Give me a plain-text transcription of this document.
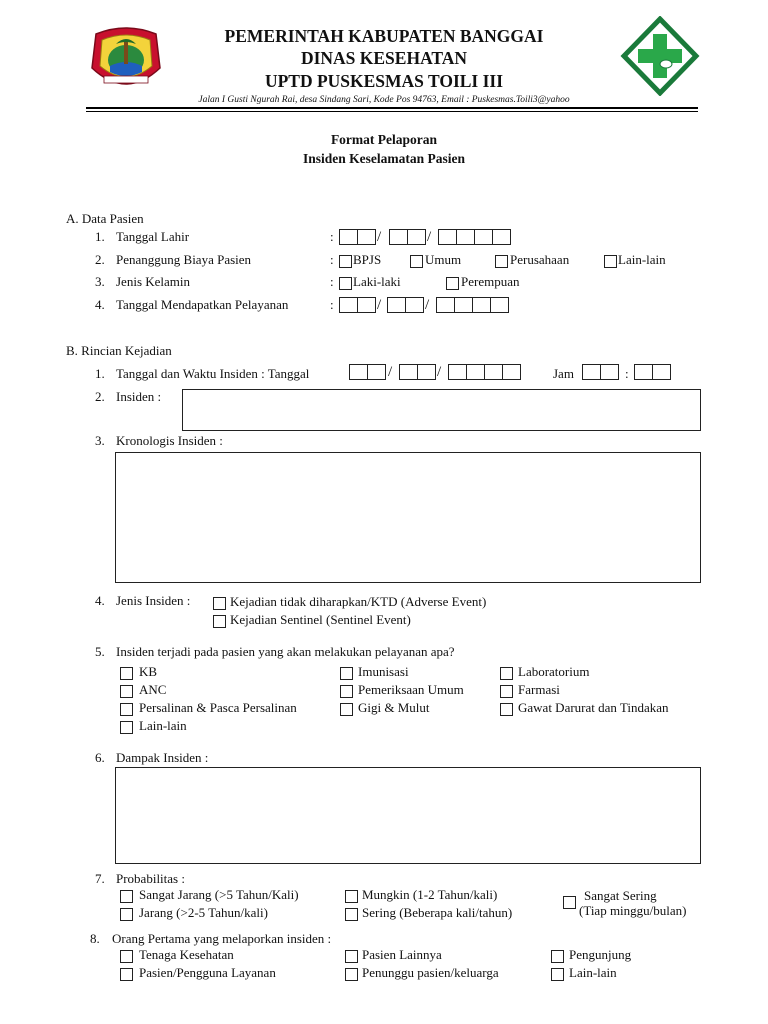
PEMERINTAH KABUPATEN BANGGAI
DINAS KESEHATAN
UPTD PUSKESMAS TOILI III
Jalan I Gusti Ngurah Rai, desa Sindang Sari, Kode Pos 94763, Email : Puskesmas.Toili3@yahoo
Format Pelaporan
Insiden Keselamatan Pasien
A. Data Pasien
1. Tanggal Lahir	:	/	/
2. Penanggung Biaya Pasien	: BPJS	Umum	Perusahaan	Lain-lain
3. Jenis Kelamin	: Laki-laki	Perempuan
4. Tanggal Mendapatkan Pelayanan	:	/	/
B. Rincian Kejadian
1. Tanggal dan Waktu Insiden : Tanggal	/	/	Jam	:
2. Insiden :
3. Kronologis Insiden :
4. Jenis Insiden :	Kejadian tidak diharapkan/KTD (Adverse Event)
Kejadian Sentinel (Sentinel Event)
5. Insiden terjadi pada pasien yang akan melakukan pelayanan apa?
KB
ANC
Persalinan & Pasca Persalinan
Lain-lain
Imunisasi
Pemeriksaan Umum
Gigi & Mulut
Laboratorium
Farmasi
Gawat Darurat dan Tindakan
6. Dampak Insiden :
7. Probabilitas :
Sangat Jarang (>5 Tahun/Kali)
Jarang (>2-5 Tahun/kali)
Mungkin (1-2 Tahun/kali)
Sering (Beberapa kali/tahun)
Sangat Sering
(Tiap minggu/bulan)
8. Orang Pertama yang melaporkan insiden :
Tenaga Kesehatan
Pasien/Pengguna Layanan
Pasien Lainnya
Penunggu pasien/keluarga
Pengunjung
Lain-lain
